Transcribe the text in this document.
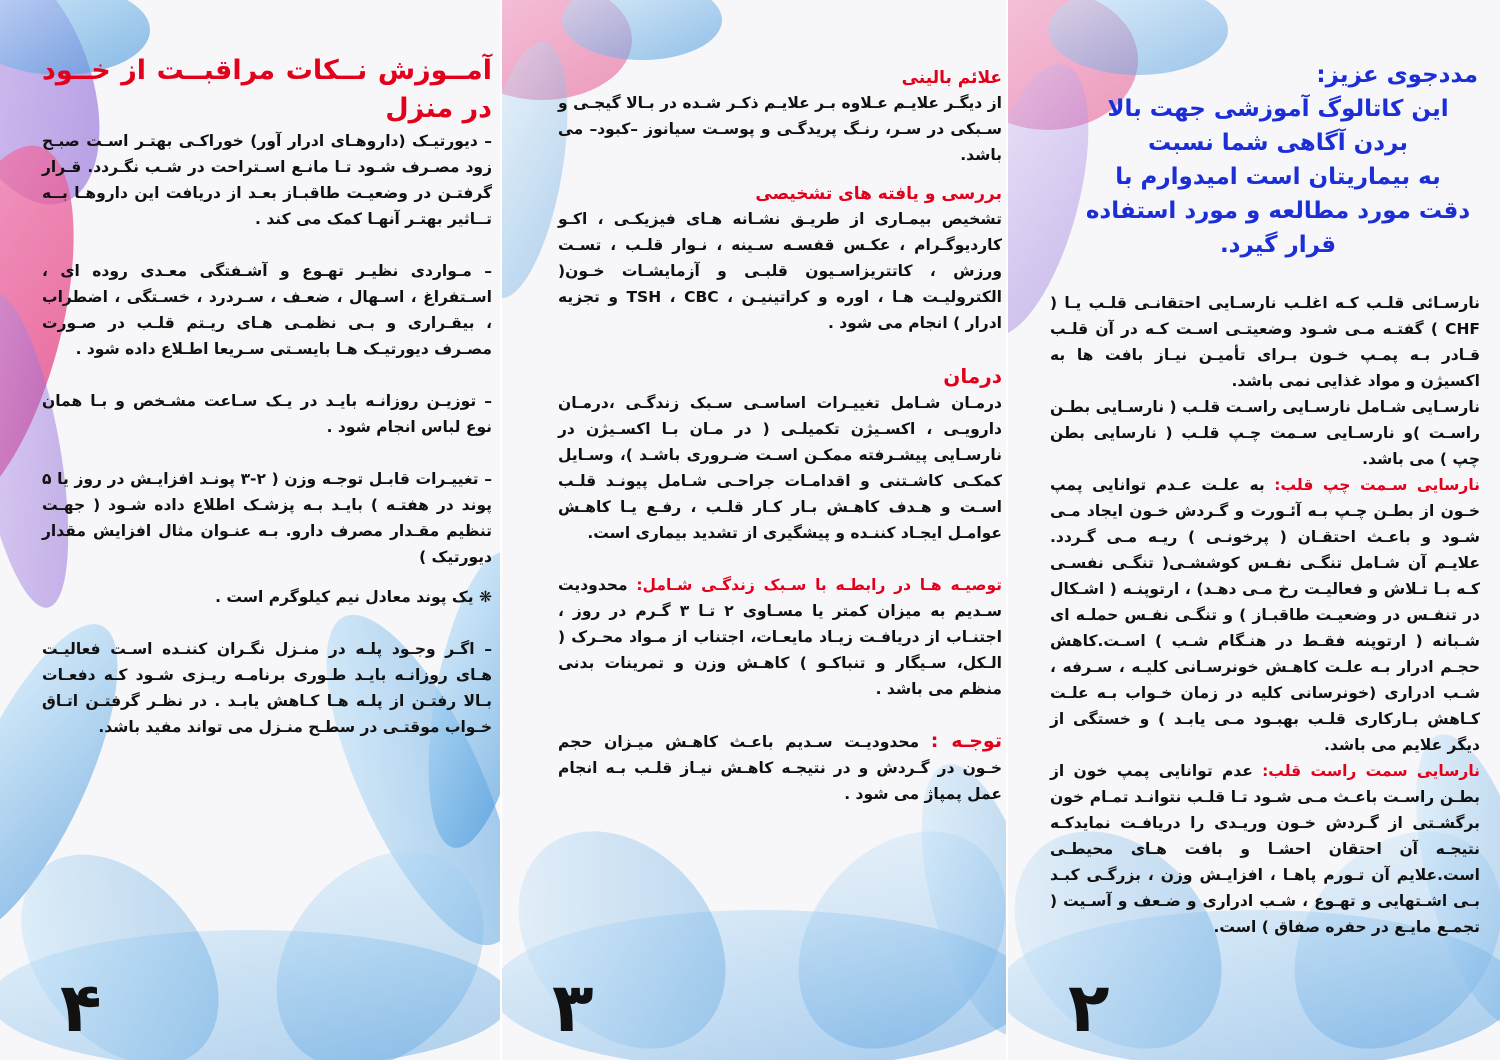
آمــوزش نــکات مراقبــت از خــود در منزل

– دیورتیـک (داروهـای ادرار آور) خوراکـی بهتـر اسـت صبـح زود مصـرف شـود تـا مانـع اسـتراحت در شـب نگـردد. قـرار گرفتـن در وضعیـت طاقبـاز بعـد از دریافت این داروهـا بــه تــاثیر بهتـر آنهـا کمک می کند .

– مـواردی نظیـر تهـوع و آشـفتگی معـدی روده ای ، اسـتفراغ ، اسـهال ، ضعـف ، سـردرد ، خسـتگی ، اضطراب ، بیقـراری و بـی نظمـی هـای ریـتم قلـب در صـورت مصـرف دیورتیـک هـا بایسـتی سـریعا اطـلاع داده شود .

– توزیـن روزانـه بایـد در یـک سـاعت مشـخص و بـا همان نوع لباس انجام شود .

– تغییـرات قابـل توجـه وزن ( ۲-۳ پونـد افزایـش در روز یا ۵ پوند در هفتـه ) بایـد بـه پزشـک اطلاع داده شـود ( جهـت تنظیم مقـدار مصرف دارو. بـه عنـوان مثال افزایش مقدار دیورتیک )

❋ یک پوند معادل نیم کیلوگرم است .

– اگـر وجـود پلـه در منـزل نگـران کننـده اسـت فعالیـت هـای روزانـه بایـد طـوری برنامـه ریـزی شـود کـه دفعـات بـالا رفتـن از پلـه هـا کـاهش یابـد . در نظـر گرفتـن اتـاق خـواب موقتـی در سطـح منـزل می تواند مفید باشد.

۴

علائم بالینی

از دیگـر علایـم عـلاوه بـر علایـم ذکـر شـده در بـالا گیجـی و سـبکی در سـر، رنـگ پریدگـی و پوسـت سیانوز –کبود– می باشد.

بررسی و یافته های تشخیصی

تشخیص بیمـاری از طریـق نشـانه هـای فیزیکـی ، اکـو کاردیوگـرام ، عکـس قفسـه سـینه ، نـوار قلـب ، تسـت ورزش ، کاتتریزاسـیون قلبـی و آزمایشـات خـون( الکترولیـت هـا ، اوره و کراتینیـن ، TSH ، CBC و تجزیه ادرار ) انجام می شود .

درمان

درمـان شـامل تغییـرات اساسـی سـبک زندگـی ،درمـان دارویـی ، اکسـیژن تکمیلـی ( در مـان بـا اکسـیژن در نارسـایی پیشـرفته ممکـن اسـت ضـروری باشـد )، وسـایل کمکـی کاشـتنی و اقدامـات جراحـی شـامل پیونـد قلـب اسـت و هـدف کاهـش بـار کـار قلـب ، رفـع یـا کاهـش عوامـل ایجـاد کننـده و پیشگیری از تشدید بیماری است.

توصیـه هـا در رابطـه با سـبک زندگـی شـامل: محدودیت سـدیم به میزان کمتر یا مسـاوی ۲ تـا ۳ گـرم در روز ، اجتنـاب از دریافـت زیـاد مایعـات، اجتناب از مـواد محـرک ( الـکل، سـیگار و تنباکـو ) کاهـش وزن و تمرینات بدنی منظم می باشد .

توجـه : محدودیـت سـدیم باعـث کاهـش میـزان حجم خـون در گـردش و در نتیجـه کاهـش نیـاز قلـب بـه انجام عمل پمپاژ می شود .

۳
مددجوی عزیز:
این کاتالوگ آموزشی جهت بالا
بردن آگاهی شما نسبت
به بیماریتان است امیدوارم با
دقت مورد مطالعه و مورد استفاده
قرار گیرد.

نارسـائی قلـب کـه اغلـب نارسـایی احتقانـی قلـب یـا ( CHF ) گفتـه مـی شـود وضعیتـی اسـت کـه در آن قلـب قـادر بـه پمـپ خـون بـرای تأمیـن نیـاز بافت ها به اکسیژن و مواد غذایی نمی باشد.

نارسـایی شـامل نارسـایی راسـت قلـب ( نارسـایی بطـن راسـت )و نارسـایی سـمت چـپ قلـب ( نارسایی بطن چپ ) می باشد.

نارسایی سـمت چپ قلب: به علـت عـدم توانایی پمپ خـون از بطـن چـپ بـه آئـورت و گـردش خـون ایجاد مـی شـود و باعـث احتقـان ( پرخونـی ) ریـه مـی گـردد. علایـم آن شـامل تنگـی نفـس کوششـی( تنگـی نفسـی کـه بـا تـلاش و فعالیـت رخ مـی دهـد) ، ارتوپنـه ( اشـکال در تنفـس در وضعیـت طاقبـاز ) و تنگـی نفـس حملـه ای شـبانه ( ارتوپنه فقـط در هنـگام شـب ) اسـت.کاهش حجـم ادرار بـه علـت کاهـش خونرسـانی کلیـه ، سـرفه ، شـب ادراری (خونرسانی کلیه در زمان خـواب بـه علـت کـاهش بـارکاری قلـب بهبـود مـی یابـد ) و خستگی از دیگر علایم می باشد.

نارسایی سمت راست قلب: عدم توانایی پمپ خون از بطـن راسـت باعـث مـی شـود تـا قلـب نتوانـد تمـام خون برگشـتی از گـردش خـون وریـدی را دریافـت نمایدکـه نتیجـه آن احتقان احشـا و بافت هـای محیطـی است.علایم آن تـورم پاهـا ، افزایـش وزن ، بزرگـی کبـد بـی اشـتهایی و تهـوع ، شـب ادراری و ضـعف و آسـیت ( تجمـع مایـع در حفره صفاق ) است.

۲
